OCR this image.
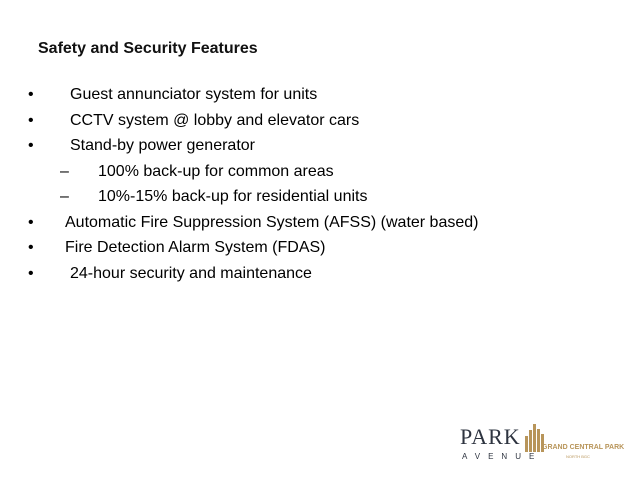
Safety and Security Features
• Guest annunciator system for units
• CCTV system @ lobby and elevator cars
• Stand-by power generator
– 100% back-up for common areas
– 10%-15% back-up for residential units
• Automatic Fire Suppression System (AFSS) (water based)
• Fire Detection Alarm System (FDAS)
• 24-hour security and maintenance
PARK
AVENUE
GRAND CENTRAL PARK
NORTH BGC
